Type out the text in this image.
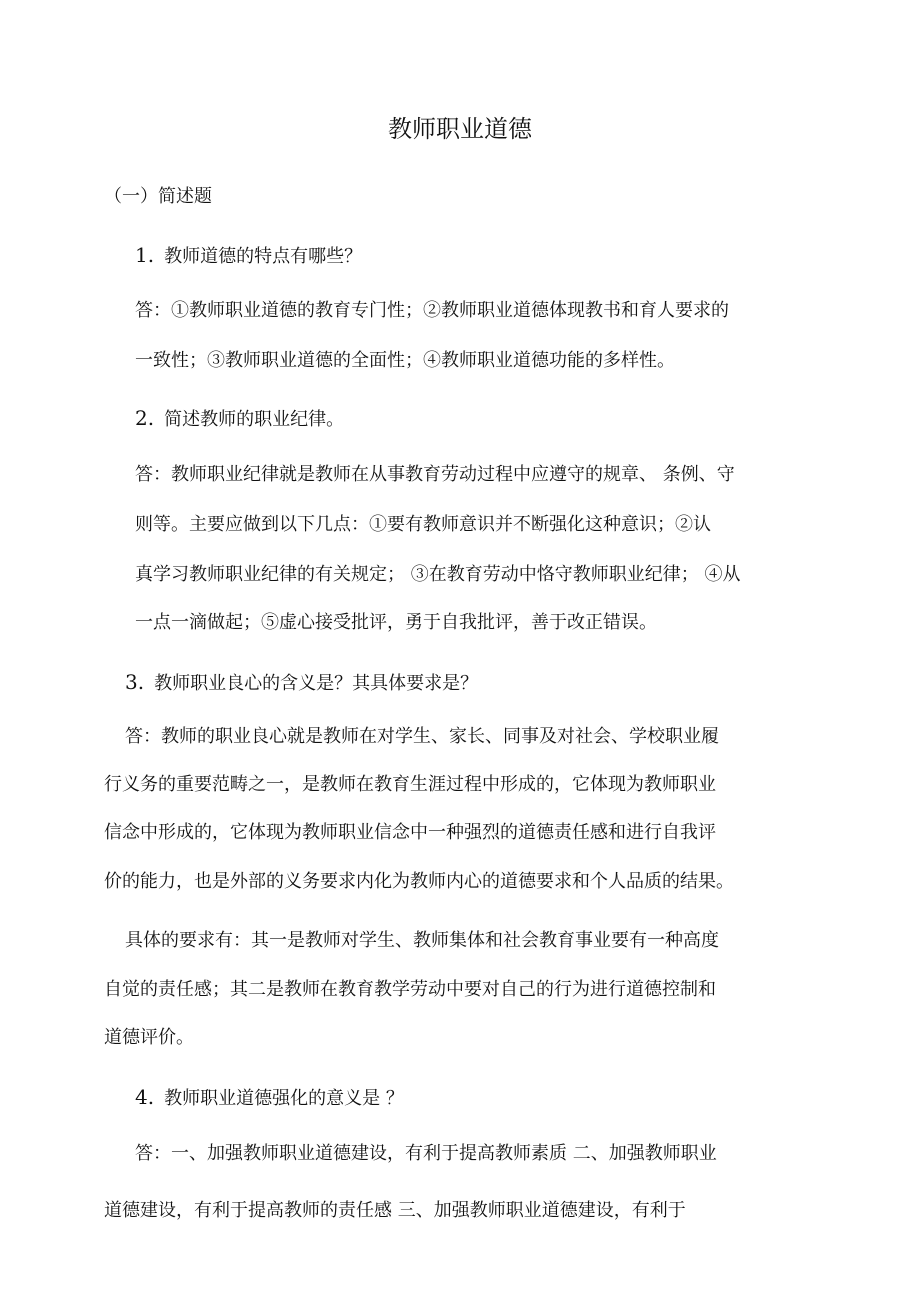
教师职业道德
（一）简述题
1. 教师道德的特点有哪些？
答：①教师职业道德的教育专门性；②教师职业道德体现教书和育人要求的
一致性；③教师职业道德的全面性；④教师职业道德功能的多样性。
2. 简述教师的职业纪律。
答：教师职业纪律就是教师在从事教育劳动过程中应遵守的规章、 条例、守
则等。主要应做到以下几点：①要有教师意识并不断强化这种意识；②认
真学习教师职业纪律的有关规定； ③在教育劳动中恪守教师职业纪律； ④从
一点一滴做起；⑤虚心接受批评，勇于自我批评，善于改正错误。
3. 教师职业良心的含义是？其具体要求是？
答：教师的职业良心就是教师在对学生、家长、同事及对社会、学校职业履
行义务的重要范畴之一，是教师在教育生涯过程中形成的，它体现为教师职业
信念中形成的，它体现为教师职业信念中一种强烈的道德责任感和进行自我评
价的能力，也是外部的义务要求内化为教师内心的道德要求和个人品质的结果。
具体的要求有：其一是教师对学生、教师集体和社会教育事业要有一种高度
自觉的责任感；其二是教师在教育教学劳动中要对自己的行为进行道德控制和
道德评价。
4. 教师职业道德强化的意义是 ？
答：一、加强教师职业道德建设，有利于提高教师素质 二、加强教师职业
道德建设，有利于提高教师的责任感 三、加强教师职业道德建设，有利于
